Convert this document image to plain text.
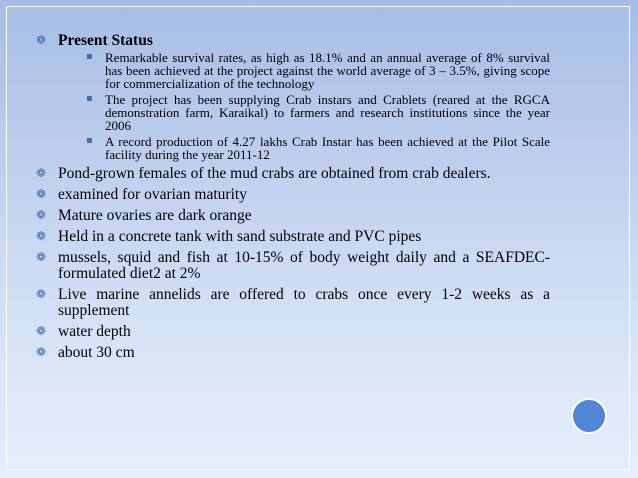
❁ Present Status
▪ Remarkable survival rates, as high as 18.1% and an annual average of 8% survival has been achieved at the project against the world average of 3 – 3.5%, giving scope for commercialization of the technology
▪ The project has been supplying Crab instars and Crablets (reared at the RGCA demonstration farm, Karaikal) to farmers and research institutions since the year 2006
▪ A record production of 4.27 lakhs Crab Instar has been achieved at the Pilot Scale facility during the year 2011-12
❁ Pond-grown females of the mud crabs are obtained from crab dealers.
❁ examined for ovarian maturity
❁ Mature ovaries are dark orange
❁ Held in a concrete tank with sand substrate and PVC pipes
❁ mussels, squid and fish at 10-15% of body weight daily and a SEAFDEC-formulated diet2 at 2%
❁ Live marine annelids are offered to crabs once every 1-2 weeks as a supplement
❁ water depth
❁ about 30 cm
